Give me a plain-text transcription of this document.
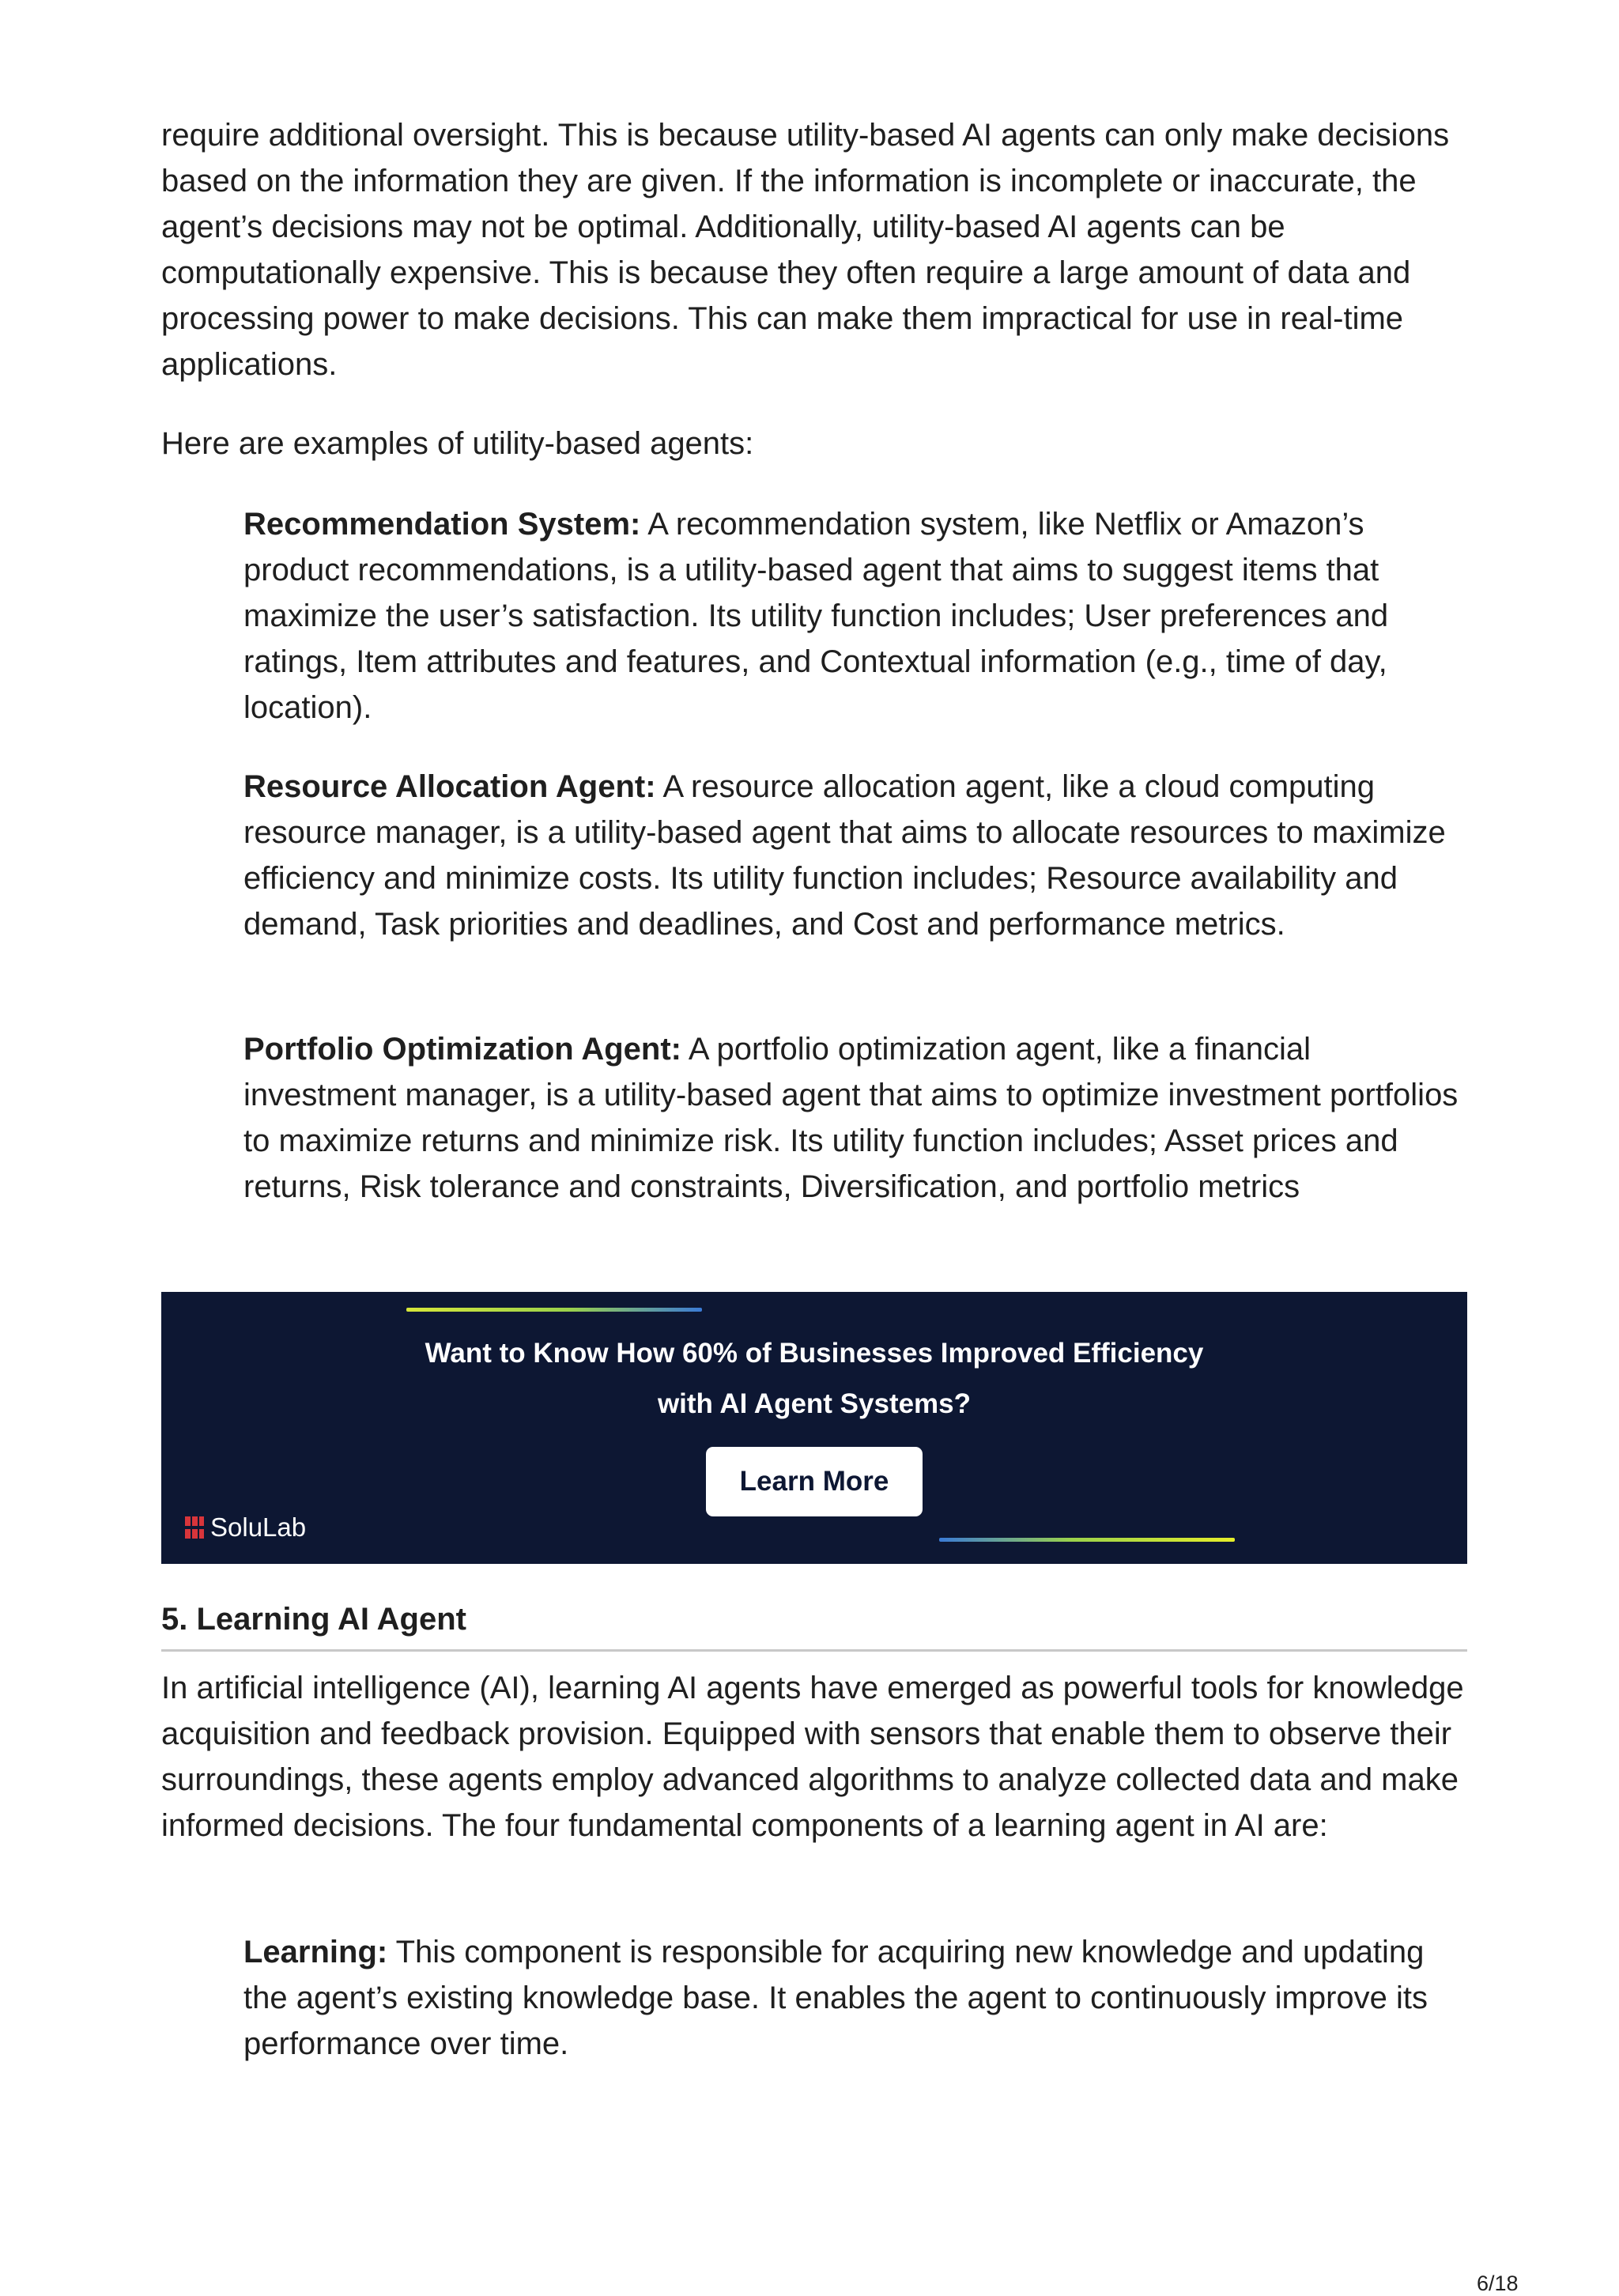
require additional oversight. This is because utility-based AI agents can only make decisions based on the information they are given. If the information is incomplete or inaccurate, the agent’s decisions may not be optimal. Additionally, utility-based AI agents can be computationally expensive. This is because they often require a large amount of data and processing power to make decisions. This can make them impractical for use in real-time applications.

Here are examples of utility-based agents:

Recommendation System: A recommendation system, like Netflix or Amazon’s product recommendations, is a utility-based agent that aims to suggest items that maximize the user’s satisfaction. Its utility function includes; User preferences and ratings, Item attributes and features, and Contextual information (e.g., time of day, location).

Resource Allocation Agent: A resource allocation agent, like a cloud computing resource manager, is a utility-based agent that aims to allocate resources to maximize efficiency and minimize costs. Its utility function includes; Resource availability and demand, Task priorities and deadlines, and Cost and performance metrics.

Portfolio Optimization Agent: A portfolio optimization agent, like a financial investment manager, is a utility-based agent that aims to optimize investment portfolios to maximize returns and minimize risk. Its utility function includes; Asset prices and returns, Risk tolerance and constraints, Diversification, and portfolio metrics

Want to Know How 60% of Businesses Improved Efficiency
with AI Agent Systems?

Learn More
SoluLab
5. Learning AI Agent

In artificial intelligence (AI), learning AI agents have emerged as powerful tools for knowledge acquisition and feedback provision. Equipped with sensors that enable them to observe their surroundings, these agents employ advanced algorithms to analyze collected data and make informed decisions. The four fundamental components of a learning agent in AI are:

Learning: This component is responsible for acquiring new knowledge and updating the agent’s existing knowledge base. It enables the agent to continuously improve its performance over time.

6/18
